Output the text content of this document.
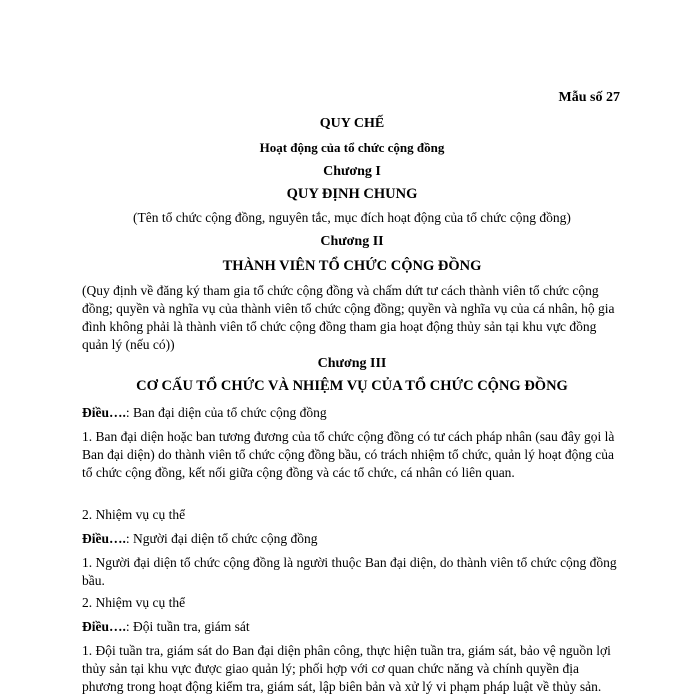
Mẫu số 27
QUY CHẾ
Hoạt động của tổ chức cộng đồng
Chương I
QUY ĐỊNH CHUNG
(Tên tổ chức cộng đồng, nguyên tắc, mục đích hoạt động của tổ chức cộng đồng)
Chương II
THÀNH VIÊN TỔ CHỨC CỘNG ĐỒNG
(Quy định về đăng ký tham gia tổ chức cộng đồng và chấm dứt tư cách thành viên tổ chức cộng đồng; quyền và nghĩa vụ của thành viên tổ chức cộng đồng; quyền và nghĩa vụ của cá nhân, hộ gia đình không phải là thành viên tổ chức cộng đồng tham gia hoạt động thủy sản tại khu vực đồng quản lý (nếu có))
Chương III
CƠ CẤU TỔ CHỨC VÀ NHIỆM VỤ CỦA TỔ CHỨC CỘNG ĐỒNG
Điều….: Ban đại diện của tổ chức cộng đồng
1. Ban đại diện hoặc ban tương đương của tổ chức cộng đồng có tư cách pháp nhân (sau đây gọi là Ban đại diện) do thành viên tổ chức cộng đồng bầu, có trách nhiệm tổ chức, quản lý hoạt động của tổ chức cộng đồng, kết nối giữa cộng đồng và các tổ chức, cá nhân có liên quan.
2. Nhiệm vụ cụ thể
Điều….: Người đại diện tổ chức cộng đồng
1. Người đại diện tổ chức cộng đồng là người thuộc Ban đại diện, do thành viên tổ chức cộng đồng bầu.
2. Nhiệm vụ cụ thể
Điều….: Đội tuần tra, giám sát
1. Đội tuần tra, giám sát do Ban đại diện phân công, thực hiện tuần tra, giám sát, bảo vệ nguồn lợi thủy sản tại khu vực được giao quản lý; phối hợp với cơ quan chức năng và chính quyền địa phương trong hoạt động kiểm tra, giám sát, lập biên bản và xử lý vi phạm pháp luật về thủy sản.
